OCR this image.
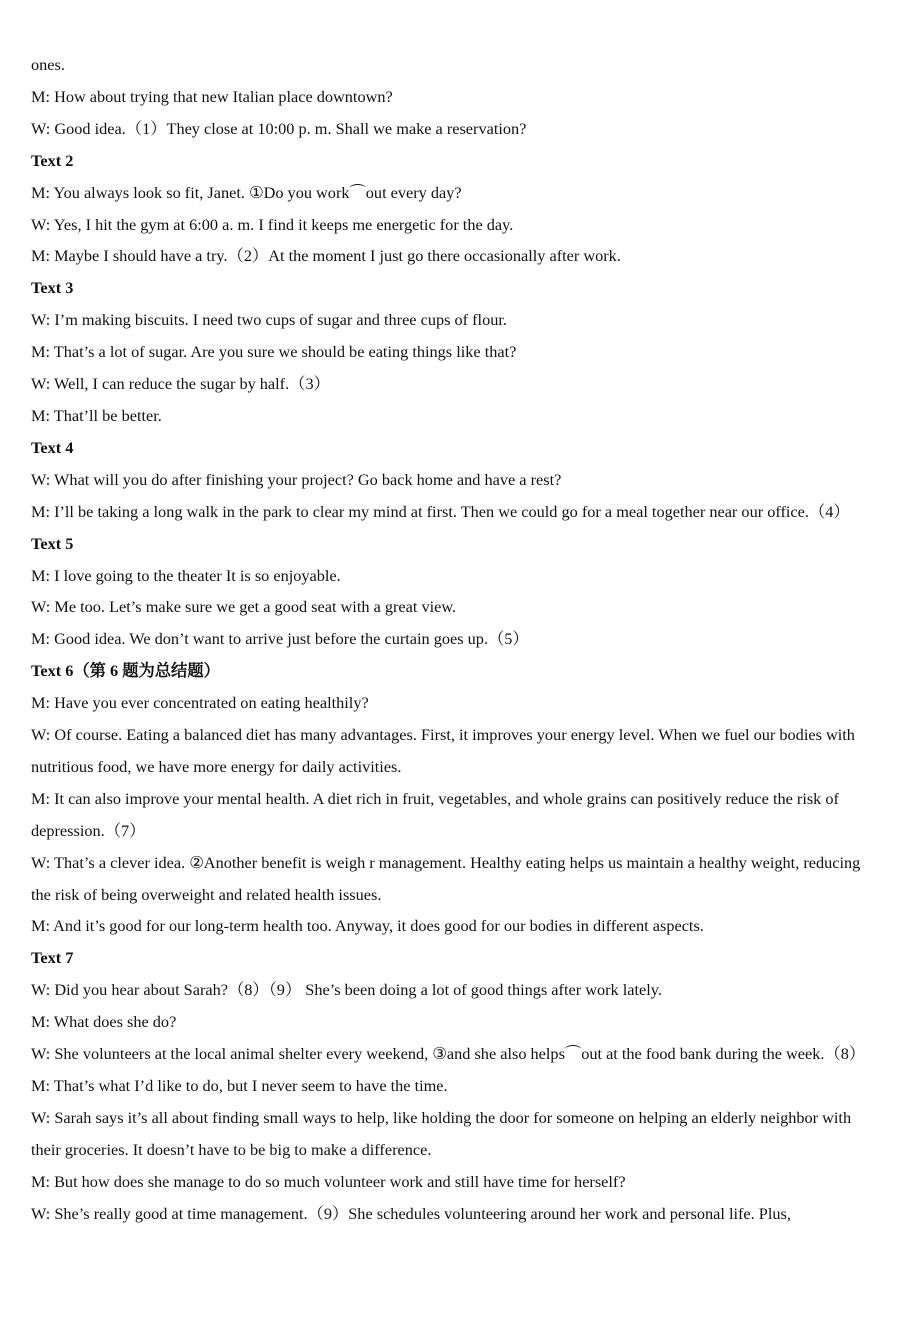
ones.
M: How about trying that new Italian place downtown?
W: Good idea.（1）They close at 10:00 p. m. Shall we make a reservation?
Text 2
M: You always look so fit, Janet. ①Do you work⌒out every day?
W: Yes, I hit the gym at 6:00 a. m. I find it keeps me energetic for the day.
M: Maybe I should have a try.（2）At the moment I just go there occasionally after work.
Text 3
W: I’m making biscuits. I need two cups of sugar and three cups of flour.
M: That’s a lot of sugar. Are you sure we should be eating things like that?
W: Well, I can reduce the sugar by half.（3）
M: That’ll be better.
Text 4
W: What will you do after finishing your project? Go back home and have a rest?
M: I’ll be taking a long walk in the park to clear my mind at first. Then we could go for a meal together near our office.（4）
Text 5
M: I love going to the theater It is so enjoyable.
W: Me too. Let’s make sure we get a good seat with a great view.
M: Good idea. We don’t want to arrive just before the curtain goes up.（5）
Text 6（第 6 题为总结题）
M: Have you ever concentrated on eating healthily?
W: Of course. Eating a balanced diet has many advantages. First, it improves your energy level. When we fuel our bodies with nutritious food, we have more energy for daily activities.
M: It can also improve your mental health. A diet rich in fruit, vegetables, and whole grains can positively reduce the risk of depression.（7）
W: That’s a clever idea. ②Another benefit is weigh r management. Healthy eating helps us maintain a healthy weight, reducing the risk of being overweight and related health issues.
M: And it’s good for our long-term health too. Anyway, it does good for our bodies in different aspects.
Text 7
W: Did you hear about Sarah?（8）（9） She’s been doing a lot of good things after work lately.
M: What does she do?
W: She volunteers at the local animal shelter every weekend, ③and she also helps⌒out at the food bank during the week.（8）
M: That’s what I’d like to do, but I never seem to have the time.
W: Sarah says it’s all about finding small ways to help, like holding the door for someone on helping an elderly neighbor with their groceries. It doesn’t have to be big to make a difference.
M: But how does she manage to do so much volunteer work and still have time for herself?
W: She’s really good at time management.（9）She schedules volunteering around her work and personal life. Plus,
